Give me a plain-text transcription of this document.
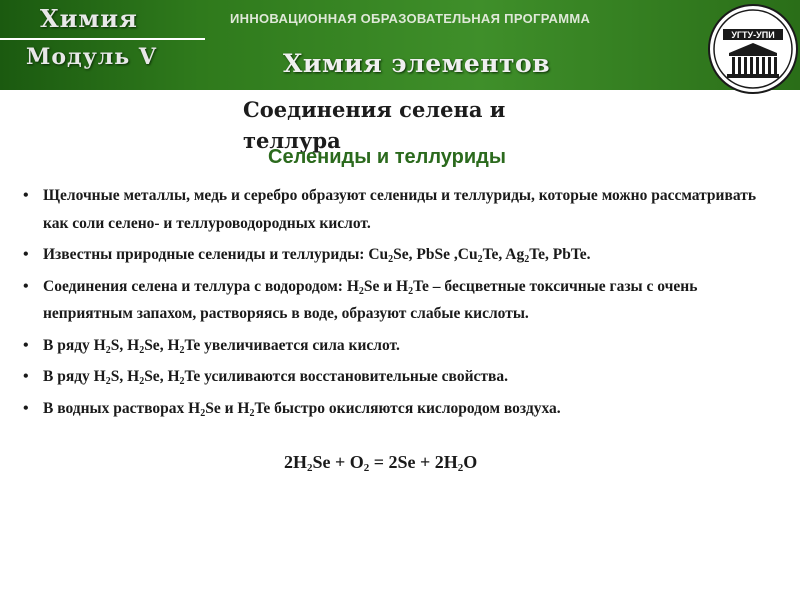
Химия
Модуль V

ИННОВАЦИОННАЯ ОБРАЗОВАТЕЛЬНАЯ ПРОГРАММА

Химия элементов
УГТУ-УПИ
Соединения селена и теллура
Селениды и теллуриды
• Щелочные металлы, медь и серебро образуют селениды и теллуриды, которые можно рассматривать как соли селено- и теллуроводородных кислот.
• Известны природные селениды и теллуриды: $Cu_2Se$, PbSe $,Cu_2Te$, $Ag_2Te$, PbTe.
• Соединения селена и теллура с водородом: $H_2Se$ и $H_2Te$ – бесцветные токсичные газы с очень неприятным запахом, растворяясь в воде, образуют слабые кислоты.
• В ряду $H_2S$, $H_2Se$, $H_2Te$ увеличивается сила кислот.
• В ряду $H_2S$, $H_2Se$, $H_2Te$ усиливаются восстановительные свойства.
• В водных растворах $H_2Se$ и $H_2Te$ быстро окисляются кислородом воздуха.

$2H_2Se + O_2 = 2Se + 2H_2O$
